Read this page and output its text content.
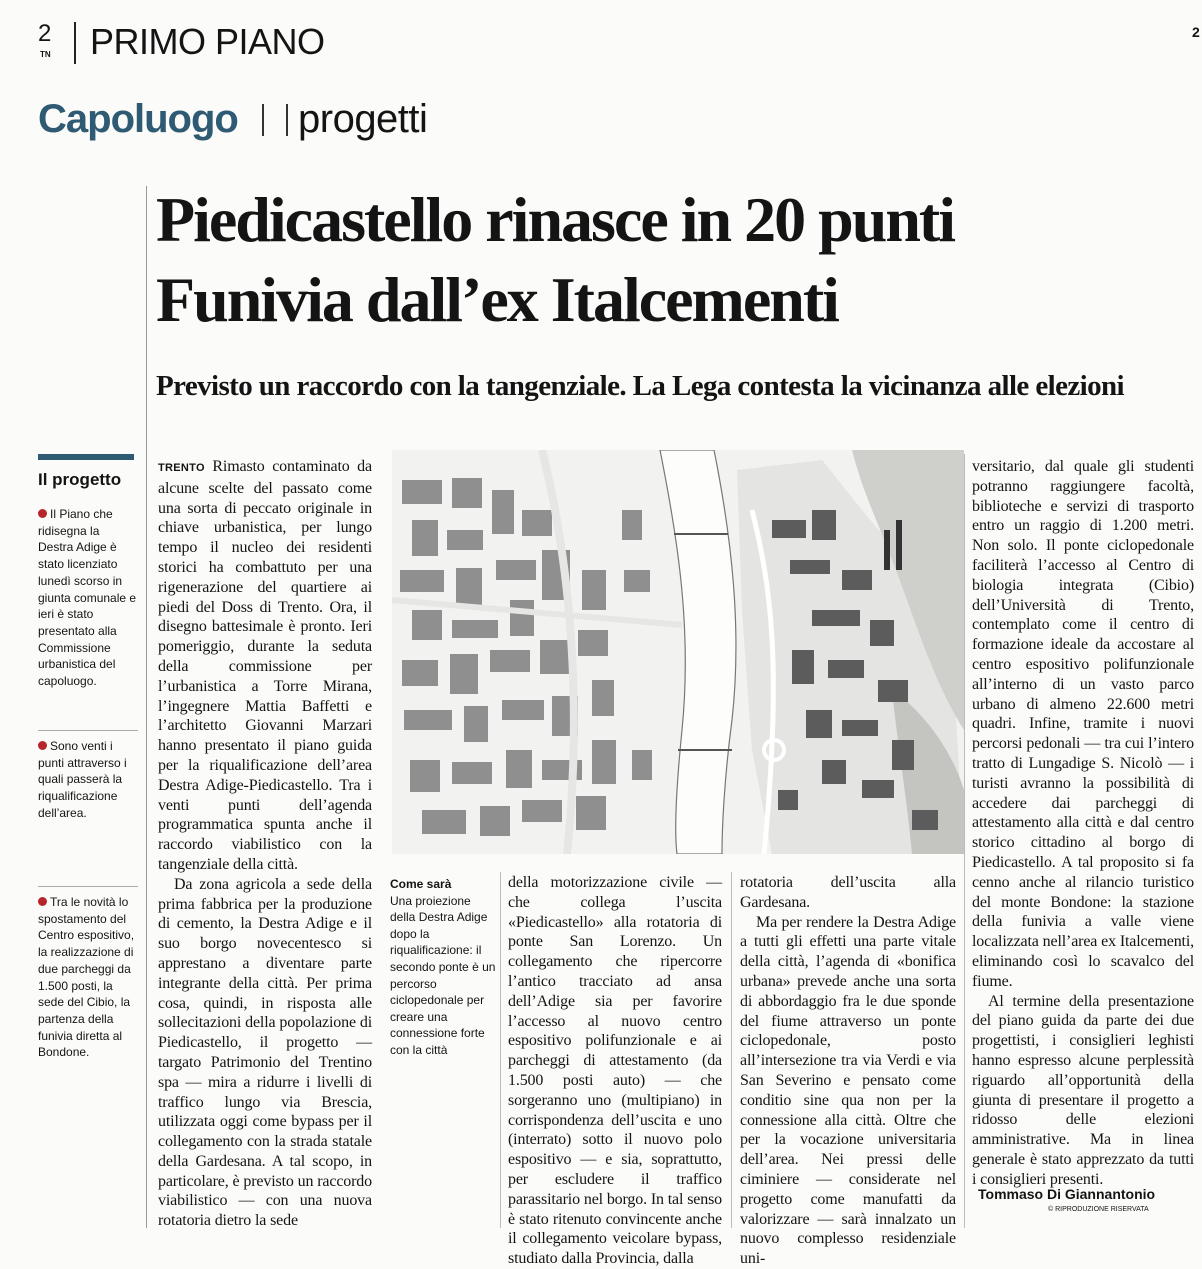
2
TN PRIMO PIANO	2
Capoluogo progetti
Piedicastello rinasce in 20 punti
Funivia dall’ex Italcementi
Previsto un raccordo con la tangenziale. La Lega contesta la vicinanza alle elezioni
Il progetto

Il Piano che ridisegna la Destra Adige è stato licenziato lunedì scorso in giunta comunale e ieri è stato presentato alla Commissione urbanistica del capoluogo.

Sono venti i punti attraverso i quali passerà la riqualificazione dell’area.

Tra le novità lo spostamento del Centro espositivo, la realizzazione di due parcheggi da 1.500 posti, la sede del Cibio, la partenza della funivia diretta al Bondone.

TRENTO Rimasto contaminato da alcune scelte del passato come una sorta di peccato originale in chiave urbanistica, per lungo tempo il nucleo dei residenti storici ha combattuto per una rigenerazione del quartiere ai piedi del Doss di Trento. Ora, il disegno battesimale è pronto. Ieri pomeriggio, durante la seduta della commissione per l’urbanistica a Torre Mirana, l’ingegnere Mattia Baffetti e l’architetto Giovanni Marzari hanno presentato il piano guida per la riqualificazione dell’area Destra Adige-Piedicastello. Tra i venti punti dell’agenda programmatica spunta anche il raccordo viabilistico con la tangenziale della città.

Da zona agricola a sede della prima fabbrica per la produzione di cemento, la Destra Adige e il suo borgo novecentesco si apprestano a diventare parte integrante della città. Per prima cosa, quindi, in risposta alle sollecitazioni della popolazione di Piedicastello, il progetto — targato Patrimonio del Trentino spa — mira a ridurre i livelli di traffico lungo via Brescia, utilizzata oggi come bypass per il collegamento con la strada statale della Gardesana. A tal scopo, in particolare, è previsto un raccordo viabilistico — con una nuova rotatoria dietro la sede

Come sarà
Una proiezione della Destra Adige dopo la riqualificazione: il secondo ponte è un percorso ciclopedonale per creare una connessione forte con la città

della motorizzazione civile — che collega l’uscita «Piedicastello» alla rotatoria di ponte San Lorenzo. Un collegamento che ripercorre l’antico tracciato ad ansa dell’Adige sia per favorire l’accesso al nuovo centro espositivo polifunzionale e ai parcheggi di attestamento (da 1.500 posti auto) — che sorgeranno uno (multipiano) in corrispondenza dell’uscita e uno (interrato) sotto il nuovo polo espositivo — e sia, soprattutto, per escludere il traffico parassitario nel borgo. In tal senso è stato ritenuto convincente anche il collegamento veicolare bypass, studiato dalla Provincia, dalla

rotatoria dell’uscita alla Gardesana.

Ma per rendere la Destra Adige a tutti gli effetti una parte vitale della città, l’agenda di «bonifica urbana» prevede anche una sorta di abbordaggio fra le due sponde del fiume attraverso un ponte ciclopedonale, posto all’intersezione tra via Verdi e via San Severino e pensato come conditio sine qua non per la connessione alla città. Oltre che per la vocazione universitaria dell’area. Nei pressi delle ciminiere — considerate nel progetto come manufatti da valorizzare — sarà innalzato un nuovo complesso residenziale uni-

versitario, dal quale gli studenti potranno raggiungere facoltà, biblioteche e servizi di trasporto entro un raggio di 1.200 metri. Non solo. Il ponte ciclopedonale faciliterà l’accesso al Centro di biologia integrata (Cibio) dell’Università di Trento, contemplato come il centro di formazione ideale da accostare al centro espositivo polifunzionale all’interno di un vasto parco urbano di almeno 22.600 metri quadri. Infine, tramite i nuovi percorsi pedonali — tra cui l’intero tratto di Lungadige S. Nicolò — i turisti avranno la possibilità di accedere dai parcheggi di attestamento alla città e dal centro storico cittadino al borgo di Piedicastello. A tal proposito si fa cenno anche al rilancio turistico del monte Bondone: la stazione della funivia a valle viene localizzata nell’area ex Italcementi, eliminando così lo scavalco del fiume.

Al termine della presentazione del piano guida da parte dei due progettisti, i consiglieri leghisti hanno espresso alcune perplessità riguardo all’opportunità della giunta di presentare il progetto a ridosso delle elezioni amministrative. Ma in linea generale è stato apprezzato da tutti i consiglieri presenti.

Tommaso Di Giannantonio
© RIPRODUZIONE RISERVATA
